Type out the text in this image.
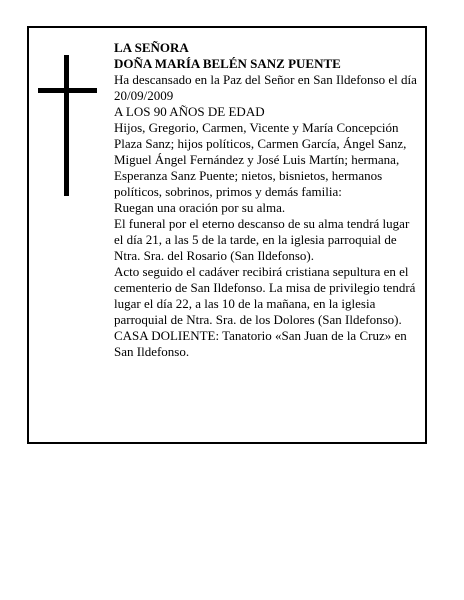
LA SEÑORA

DOÑA MARÍA BELÉN SANZ PUENTE

Ha descansado en la Paz del Señor en San Ildefonso el día 20/09/2009

A LOS 90 AÑOS DE EDAD

Hijos, Gregorio, Carmen, Vicente y María Concepción Plaza Sanz; hijos políticos, Carmen García, Ángel Sanz, Miguel Ángel Fernández y José Luis Martín; hermana, Esperanza Sanz Puente; nietos, bisnietos, hermanos políticos, sobrinos, primos y demás familia:

Ruegan una oración por su alma.

El funeral por el eterno descanso de su alma tendrá lugar el día 21, a las 5 de la tarde, en la iglesia parroquial de Ntra. Sra. del Rosario (San Ildefonso).

Acto seguido el cadáver recibirá cristiana sepultura en el cementerio de San Ildefonso. La misa de privilegio tendrá lugar el día 22, a las 10 de la mañana, en la iglesia parroquial de Ntra. Sra. de los Dolores (San Ildefonso).

CASA DOLIENTE: Tanatorio «San Juan de la Cruz» en San Ildefonso.
